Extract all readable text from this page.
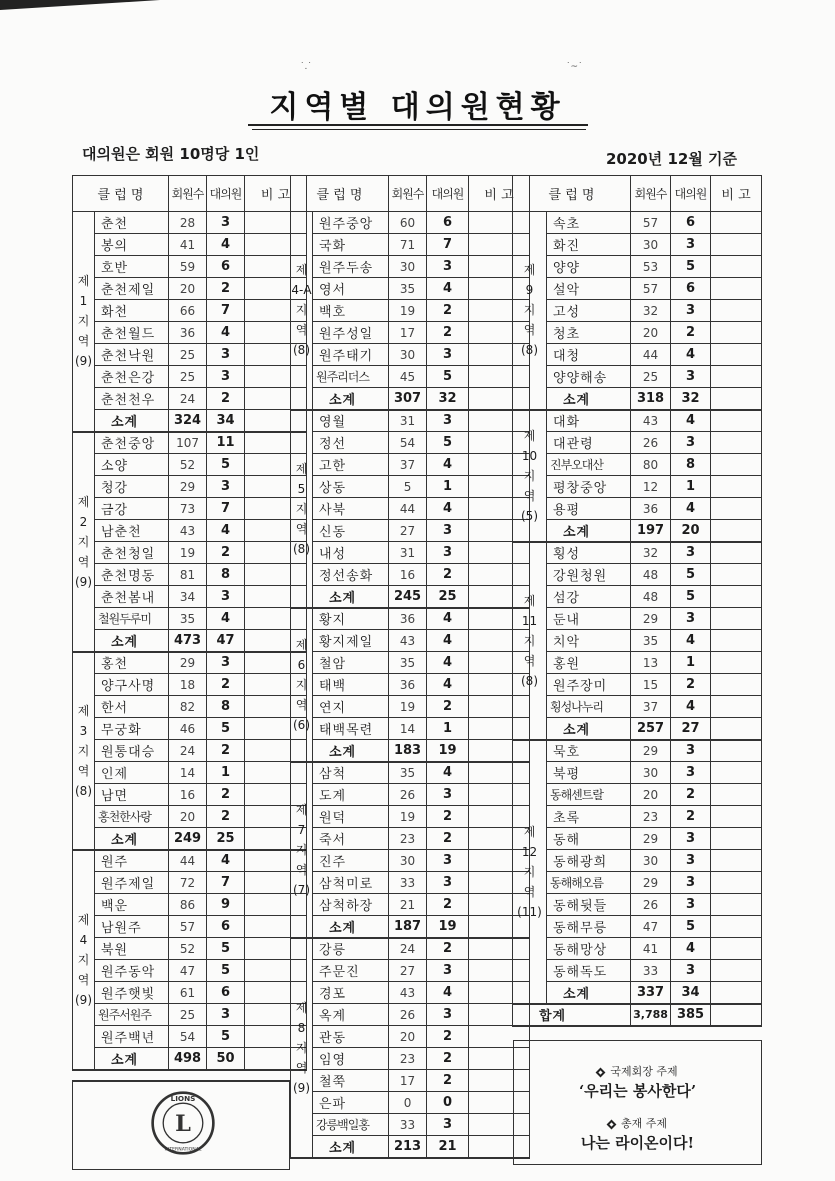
˙.˙	˙~˙
지역별 대의원현황
대의원은 회원 10명당 1인	2020년 12월 기준
클 럽 명		회원수	대의원	비 고
제
1
지
역
(9)	춘천	28	3	
	봉의	41	4	
	호반	59	6	
	춘천제일	20	2	
	화천	66	7	
	춘천월드	36	4	
	춘천낙원	25	3	
	춘천은강	25	3	
	춘천천우	24	2	
	소계	324	34	
제
2
지
역
(9)	춘천중앙	107	11	
	소양	52	5	
	청강	29	3	
	금강	73	7	
	남춘천	43	4	
	춘천청일	19	2	
	춘천명동	81	8	
	춘천봄내	34	3	
	철원두루미	35	4	
	소계	473	47	
제
3
지
역
(8)	홍천	29	3	
	양구사명	18	2	
	한서	82	8	
	무궁화	46	5	
	원통대승	24	2	
	인제	14	1	
	남면	16	2	
	홍천한사랑	20	2	
	소계	249	25	
제
4
지
역
(9)	원주	44	4	
	원주제일	72	7	
	백운	86	9	
	남원주	57	6	
	북원	52	5	
	원주동악	47	5	
	원주햇빛	61	6	
	원주서원주	25	3	
	원주백년	54	5	
	소계	498	50	
클 럽 명		회원수	대의원	비 고
제
4-A
지
역
(8)	원주중앙	60	6	
	국화	71	7	
	원주두송	30	3	
	영서	35	4	
	백호	19	2	
	원주성일	17	2	
	원주태기	30	3	
	원주리더스	45	5	
	소계	307	32	
제
5
지
역
(8)	영월	31	3	
	정선	54	5	
	고한	37	4	
	상동	5	1	
	사북	44	4	
	신동	27	3	
	내성	31	3	
	정선송화	16	2	
	소계	245	25	
제
6
지
역
(6)	황지	36	4	
	황지제일	43	4	
	철암	35	4	
	태백	36	4	
	연지	19	2	
	태백목련	14	1	
	소계	183	19	
제
7
지
역
(7)	삼척	35	4	
	도계	26	3	
	원덕	19	2	
	죽서	23	2	
	진주	30	3	
	삼척미로	33	3	
	삼척하장	21	2	
	소계	187	19	
제
8
지
역
(9)	강릉	24	2	
	주문진	27	3	
	경포	43	4	
	옥계	26	3	
	관동	20	2	
	임영	23	2	
	철쭉	17	2	
	은파	0	0	
	강릉백일홍	33	3	
	소계	213	21	
클 럽 명		회원수	대의원	비 고
제
9
지
역
(8)	속초	57	6	
	화진	30	3	
	양양	53	5	
	설악	57	6	
	고성	32	3	
	청초	20	2	
	대청	44	4	
	양양해송	25	3	
	소계	318	32	
제
10
지
역
(5)	대화	43	4	
	대관령	26	3	
	진부오대산	80	8	
	평창중앙	12	1	
	용평	36	4	
	소계	197	20	
제
11
지
역
(8)	횡성	32	3	
	강원청원	48	5	
	섬강	48	5	
	둔내	29	3	
	치악	35	4	
	홍원	13	1	
	원주장미	15	2	
	횡성나누리	37	4	
	소계	257	27	
제
12
지
역
(11)	묵호	29	3	
	북평	30	3	
	동해센트랄	20	2	
	초록	23	2	
	동해	29	3	
	동해광희	30	3	
	동해해오름	29	3	
	동해뒷들	26	3	
	동해무릉	47	5	
	동해망상	41	4	
	동해독도	33	3	
	소계	337	34	
합계		3,788	385	
L
LIONS
INTERNATIONAL
국제회장 주제
‘우리는 봉사한다’
총재 주제
나는 라이온이다!
